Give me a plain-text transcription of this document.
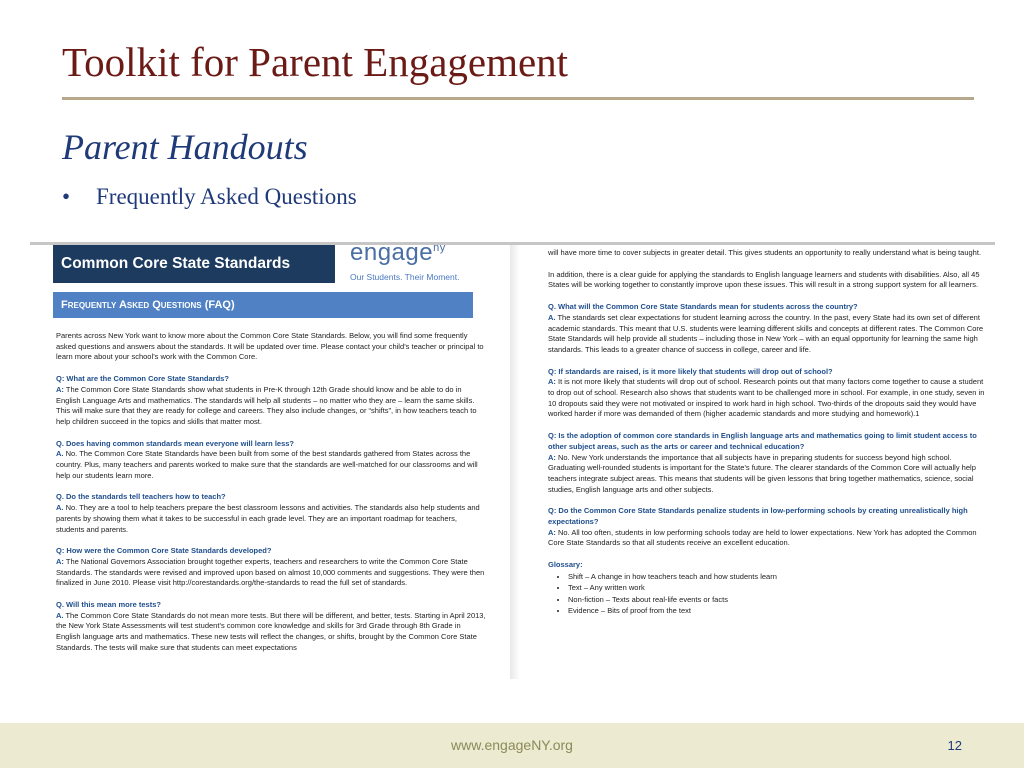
Toolkit for Parent Engagement
Parent Handouts
• Frequently Asked Questions
Common Core State Standards	engage$^{ny}$
Our Students. Their Moment.
Frequently Asked Questions (FAQ)

Parents across New York want to know more about the Common Core State Standards. Below, you will find some frequently asked questions and answers about the standards. It will be updated over time. Please contact your child’s teacher or principal to learn more about your school’s work with the Common Core.

Q: What are the Common Core State Standards?
A: The Common Core State Standards show what students in Pre-K through 12th Grade should know and be able to do in English Language Arts and mathematics. The standards will help all students – no matter who they are – learn the same skills. This will make sure that they are ready for college and careers. They also include changes, or “shifts”, in how teachers teach to help children succeed in the topics and skills that matter most.
Q. Does having common standards mean everyone will learn less?
A. No. The Common Core State Standards have been built from some of the best standards gathered from States across the country. Plus, many teachers and parents worked to make sure that the standards are well-matched for our classrooms and will help our students learn more.
Q. Do the standards tell teachers how to teach?
A. No. They are a tool to help teachers prepare the best classroom lessons and activities. The standards also help students and parents by showing them what it takes to be successful in each grade level. They are an important roadmap for teachers, students and parents.
Q: How were the Common Core State Standards developed?
A: The National Governors Association brought together experts, teachers and researchers to write the Common Core State Standards. The standards were revised and improved upon based on almost 10,000 comments and suggestions. They were then finalized in June 2010. Please visit http://corestandards.org/the-standards to read the full set of standards.
Q. Will this mean more tests?
A. The Common Core State Standards do not mean more tests. But there will be different, and better, tests. Starting in April 2013, the New York State Assessments will test student’s common core knowledge and skills for 3rd Grade through 8th Grade in English language arts and mathematics. These new tests will reflect the changes, or shifts, brought by the Common Core State Standards. The tests will make sure that students can meet expectations

will have more time to cover subjects in greater detail. This gives students an opportunity to really understand what is being taught.

In addition, there is a clear guide for applying the standards to English language learners and students with disabilities. Also, all 45 States will be working together to constantly improve upon these issues. This will result in a strong support system for all learners.

Q. What will the Common Core State Standards mean for students across the country?
A. The standards set clear expectations for student learning across the country. In the past, every State had its own set of different academic standards. This meant that U.S. students were learning different skills and concepts at different rates. The Common Core State Standards will help provide all students – including those in New York – with an equal opportunity for learning the same high standards. This leads to a greater chance of success in college, career and life.
Q: If standards are raised, is it more likely that students will drop out of school?
A: It is not more likely that students will drop out of school. Research points out that many factors come together to cause a student to drop out of school. Research also shows that students want to be challenged more in school. For example, in one study, seven in 10 dropouts said they were not motivated or inspired to work hard in high school. Two-thirds of the dropouts said they would have worked harder if more was demanded of them (higher academic standards and more studying and homework).1
Q: Is the adoption of common core standards in English language arts and mathematics going to limit student access to other subject areas, such as the arts or career and technical education?
A: No. New York understands the importance that all subjects have in preparing students for success beyond high school. Graduating well-rounded students is important for the State’s future. The clearer standards of the Common Core will actually help teachers integrate subject areas. This means that students will be given lessons that bring together mathematics, science, social studies, English language arts and other subjects.
Q: Do the Common Core State Standards penalize students in low-performing schools by creating unrealistically high expectations?
A: No. All too often, students in low performing schools today are held to lower expectations. New York has adopted the Common Core State Standards so that all students receive an excellent education.
Glossary:
• Shift – A change in how teachers teach and how students learn
• Text – Any written work
• Non-fiction – Texts about real-life events or facts
• Evidence – Bits of proof from the text
www.engageNY.org	12
